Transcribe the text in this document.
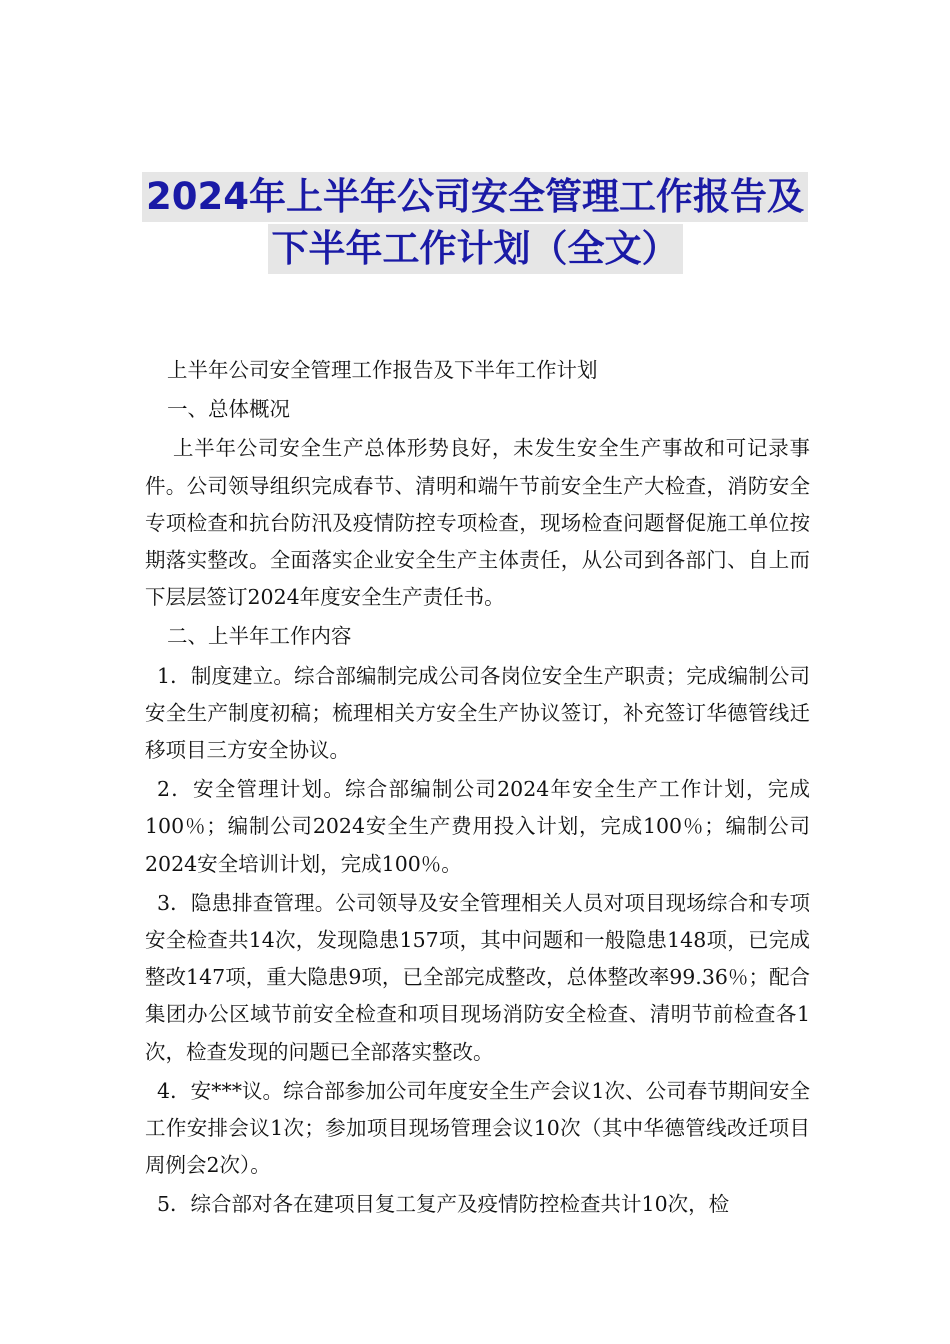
2024年上半年公司安全管理工作报告及
下半年工作计划（全文）

上半年公司安全管理工作报告及下半年工作计划

一、总体概况

上半年公司安全生产总体形势良好，未发生安全生产事故和可记录事件。公司领导组织完成春节、清明和端午节前安全生产大检查，消防安全专项检查和抗台防汛及疫情防控专项检查，现场检查问题督促施工单位按期落实整改。全面落实企业安全生产主体责任，从公司到各部门、自上而下层层签订2024年度安全生产责任书。

二、上半年工作内容

1．制度建立。综合部编制完成公司各岗位安全生产职责；完成编制公司安全生产制度初稿；梳理相关方安全生产协议签订，补充签订华德管线迁移项目三方安全协议。

2．安全管理计划。综合部编制公司2024年安全生产工作计划，完成100％；编制公司2024安全生产费用投入计划，完成100％；编制公司2024安全培训计划，完成100％。

3．隐患排查管理。公司领导及安全管理相关人员对项目现场综合和专项安全检查共14次，发现隐患157项，其中问题和一般隐患148项，已完成整改147项，重大隐患9项，已全部完成整改，总体整改率99.36％；配合集团办公区域节前安全检查和项目现场消防安全检查、清明节前检查各1次，检查发现的问题已全部落实整改。

4．安***议。综合部参加公司年度安全生产会议1次、公司春节期间安全工作安排会议1次；参加项目现场管理会议10次（其中华德管线改迁项目周例会2次）。

5．综合部对各在建项目复工复产及疫情防控检查共计10次，检
